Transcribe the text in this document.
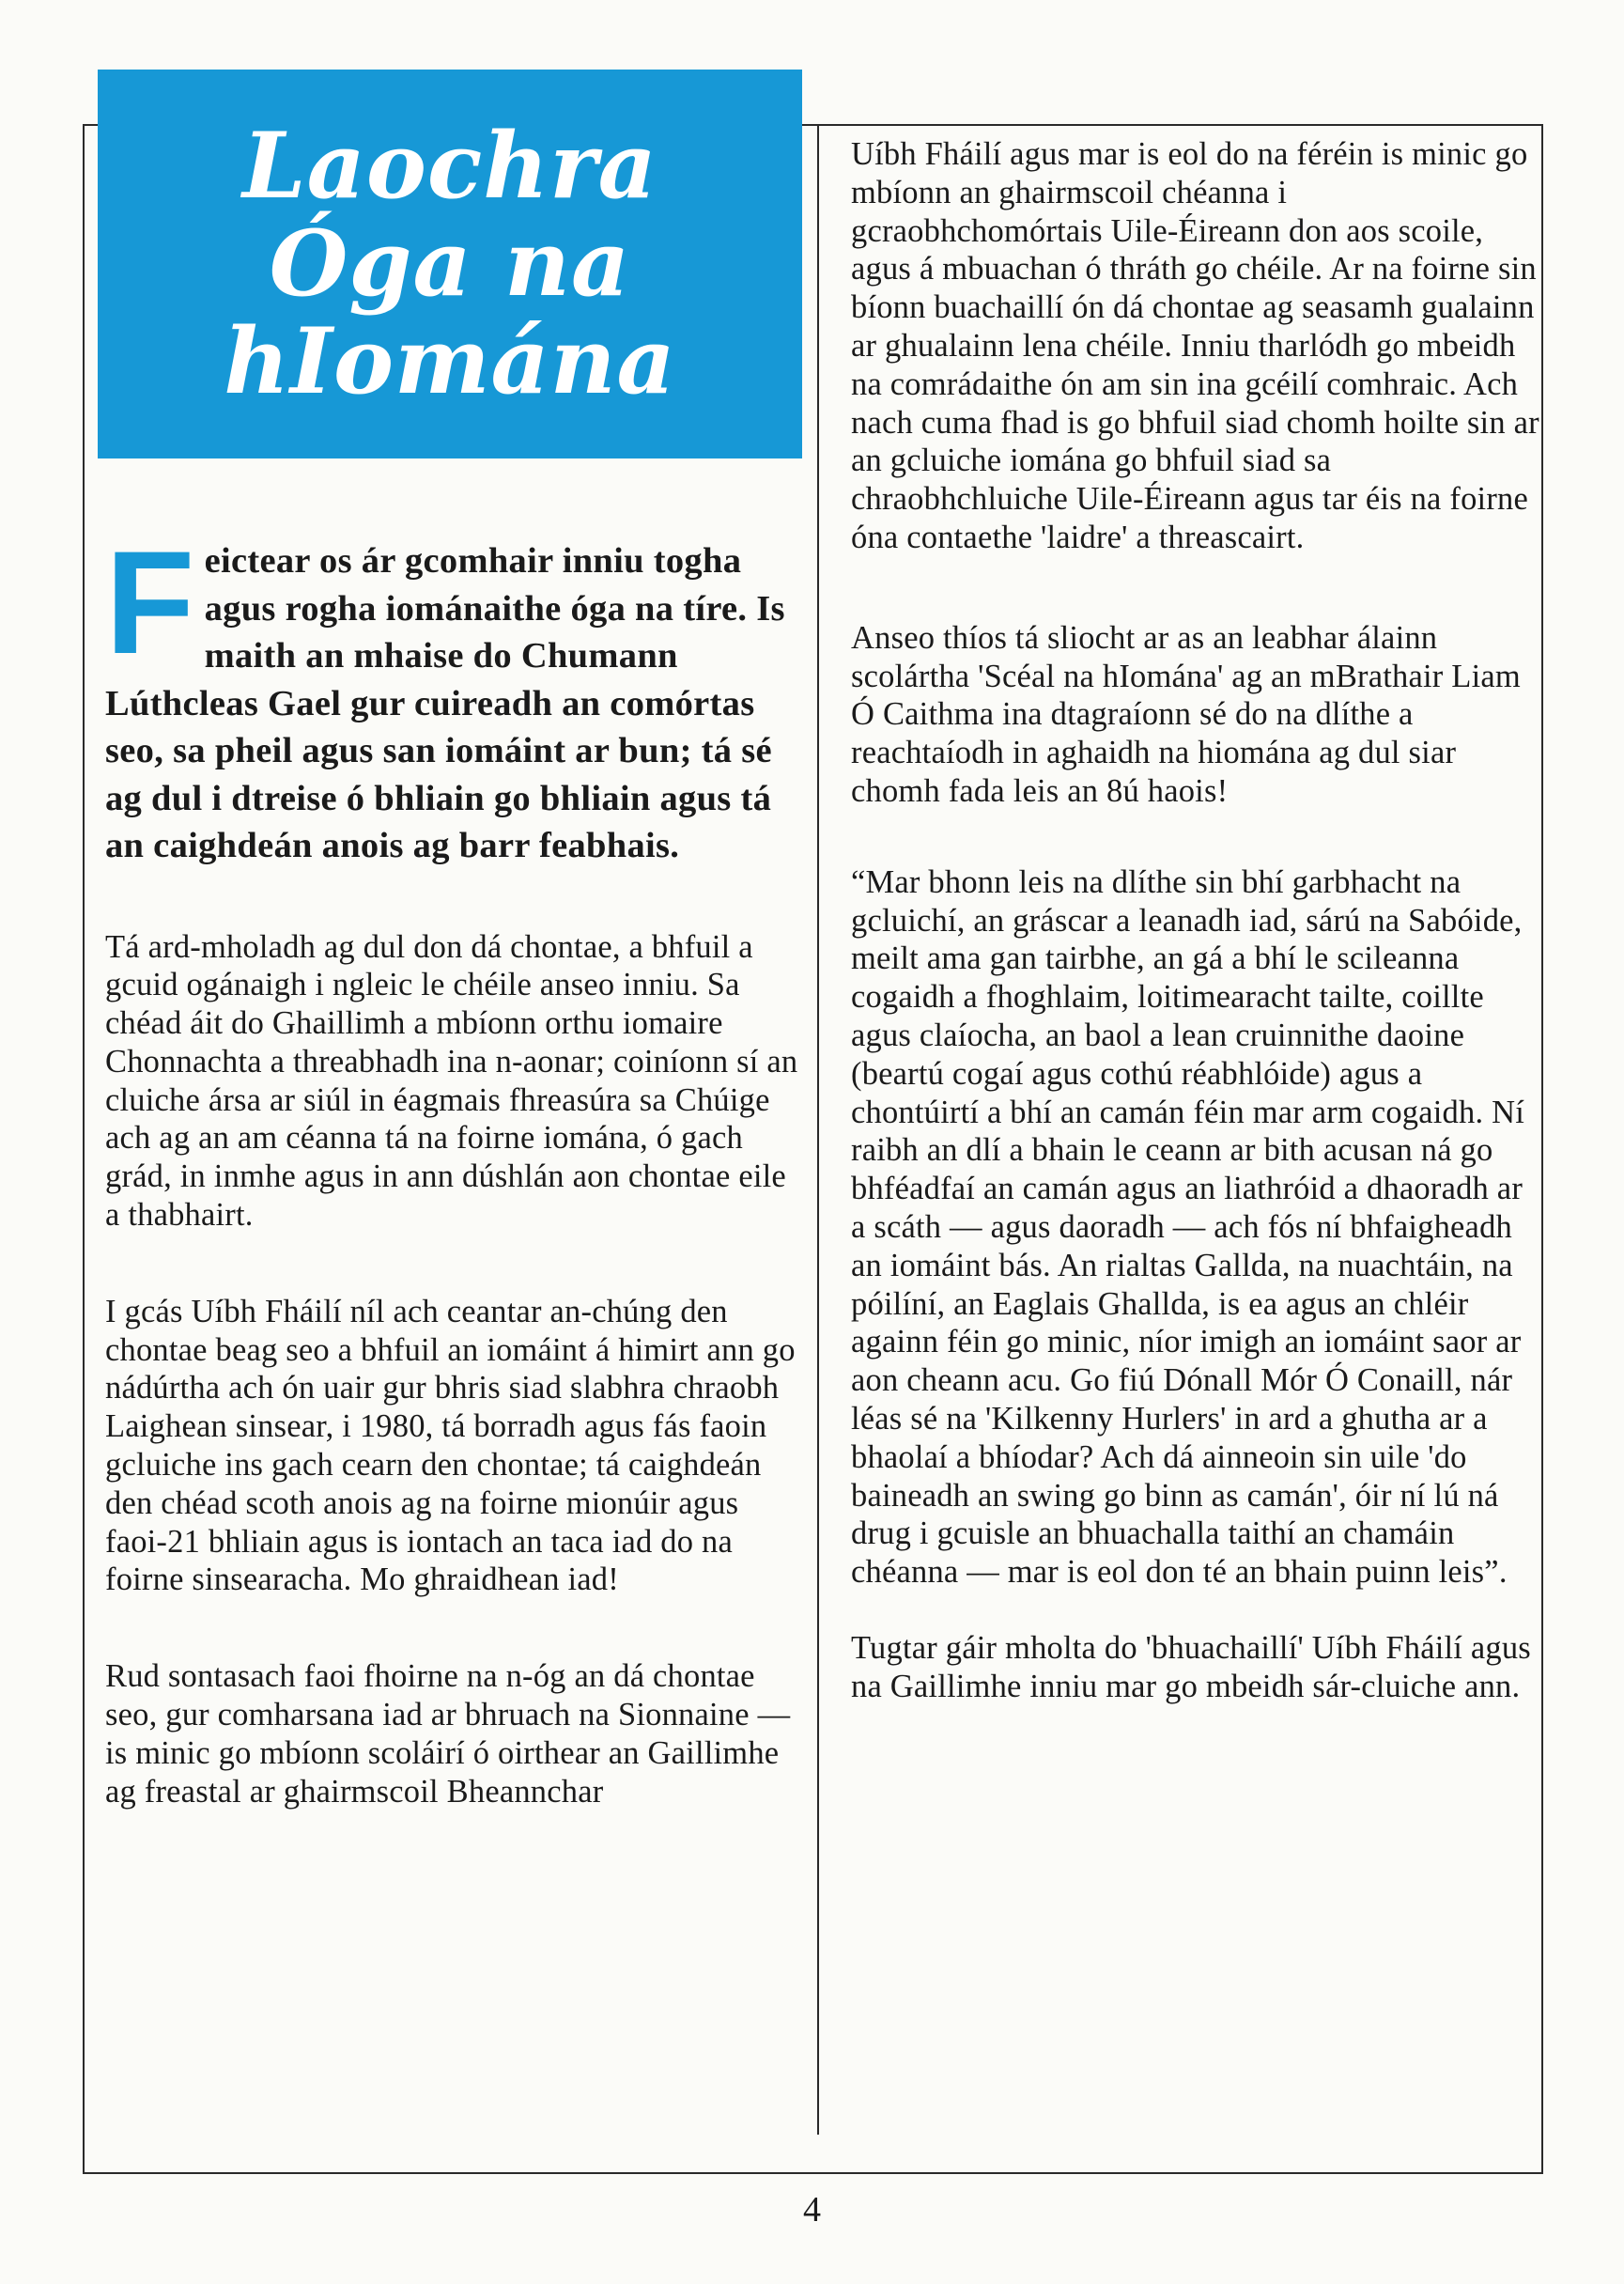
Laochra
Óga na
hIomána

Feictear os ár gcomhair inniu togha agus rogha iománaithe óga na tíre. Is maith an mhaise do Chumann Lúthcleas Gael gur cuireadh an comórtas seo, sa pheil agus san iomáint ar bun; tá sé ag dul i dtreise ó bhliain go bhliain agus tá an caighdeán anois ag barr feabhais.

Tá ard-mholadh ag dul don dá chontae, a bhfuil a gcuid ogánaigh i ngleic le chéile anseo inniu. Sa chéad áit do Ghaillimh a mbíonn orthu iomaire Chonnachta a threabhadh ina n-aonar; coiníonn sí an cluiche ársa ar siúl in éagmais fhreasúra sa Chúige ach ag an am céanna tá na foirne iomána, ó gach grád, in inmhe agus in ann dúshlán aon chontae eile a thabhairt.

I gcás Uíbh Fháilí níl ach ceantar an-chúng den chontae beag seo a bhfuil an iomáint á himirt ann go nádúrtha ach ón uair gur bhris siad slabhra chraobh Laighean sinsear, i 1980, tá borradh agus fás faoin gcluiche ins gach cearn den chontae; tá caighdeán den chéad scoth anois ag na foirne mionúir agus faoi-21 bhliain agus is iontach an taca iad do na foirne sinsearacha. Mo ghraidhean iad!

Rud sontasach faoi fhoirne na n-óg an dá chontae seo, gur comharsana iad ar bhruach na Sionnaine — is minic go mbíonn scoláirí ó oirthear an Gaillimhe ag freastal ar ghairmscoil Bheannchar

Uíbh Fháilí agus mar is eol do na féréin is minic go mbíonn an ghairmscoil chéanna i gcraobhchomórtais Uile-Éireann don aos scoile, agus á mbuachan ó thráth go chéile. Ar na foirne sin bíonn buachaillí ón dá chontae ag seasamh gualainn ar ghualainn lena chéile. Inniu tharlódh go mbeidh na comrádaithe ón am sin ina gcéilí comhraic. Ach nach cuma fhad is go bhfuil siad chomh hoilte sin ar an gcluiche iomána go bhfuil siad sa chraobhchluiche Uile-Éireann agus tar éis na foirne óna contaethe 'laidre' a threascairt.

Anseo thíos tá sliocht ar as an leabhar álainn scolártha 'Scéal na hIomána' ag an mBrathair Liam Ó Caithma ina dtagraíonn sé do na dlíthe a reachtaíodh in aghaidh na hiomána ag dul siar chomh fada leis an 8ú haois!

“Mar bhonn leis na dlíthe sin bhí garbhacht na gcluichí, an gráscar a leanadh iad, sárú na Sabóide, meilt ama gan tairbhe, an gá a bhí le scileanna cogaidh a fhoghlaim, loitimearacht tailte, coillte agus claíocha, an baol a lean cruinnithe daoine (beartú cogaí agus cothú réabhlóide) agus a chontúirtí a bhí an camán féin mar arm cogaidh. Ní raibh an dlí a bhain le ceann ar bith acusan ná go bhféadfaí an camán agus an liathróid a dhaoradh ar a scáth — agus daoradh — ach fós ní bhfaigheadh an iomáint bás. An rialtas Gallda, na nuachtáin, na póilíní, an Eaglais Ghallda, is ea agus an chléir againn féin go minic, níor imigh an iomáint saor ar aon cheann acu. Go fiú Dónall Mór Ó Conaill, nár léas sé na 'Kilkenny Hurlers' in ard a ghutha ar a bhaolaí a bhíodar? Ach dá ainneoin sin uile 'do baineadh an swing go binn as camán', óir ní lú ná drug i gcuisle an bhuachalla taithí an chamáin chéanna — mar is eol don té an bhain puinn leis”.

Tugtar gáir mholta do 'bhuachaillí' Uíbh Fháilí agus na Gaillimhe inniu mar go mbeidh sár-cluiche ann.

4
